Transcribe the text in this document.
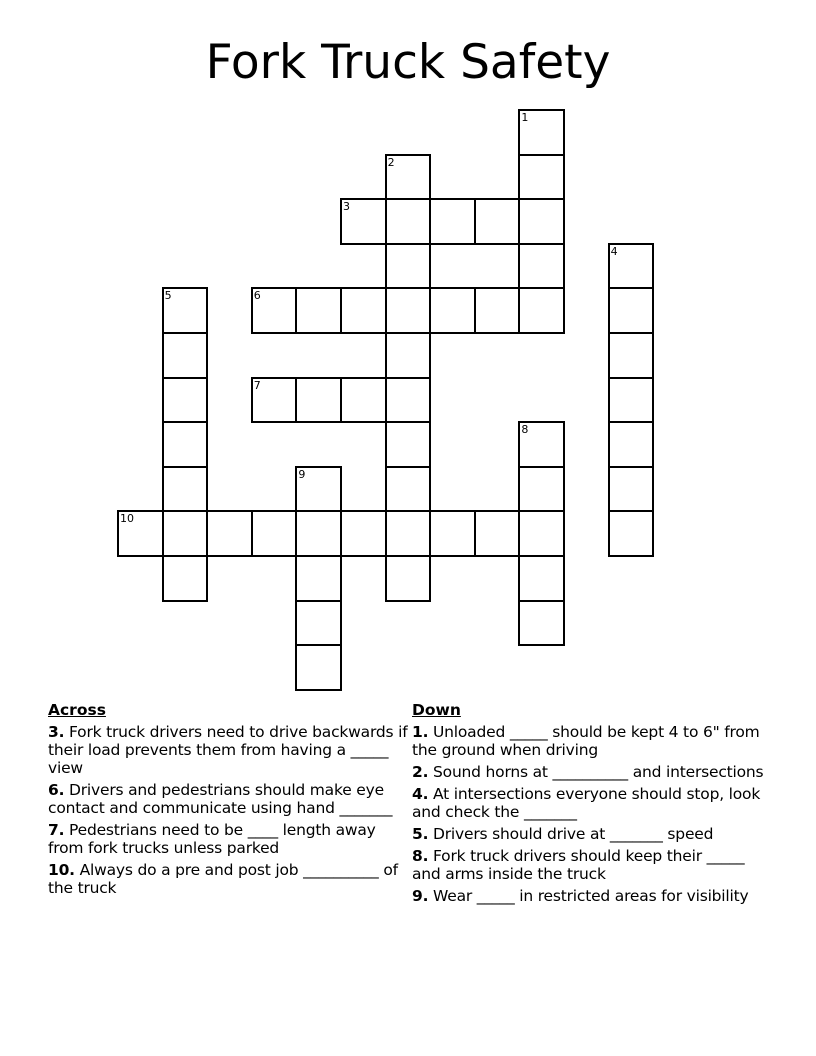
Fork Truck Safety
1
2
3
4
5	6
7
8
9
10
Across
3. Fork truck drivers need to drive backwards if their load prevents them from having a _____ view
6. Drivers and pedestrians should make eye contact and communicate using hand _______
7. Pedestrians need to be ____ length away from fork trucks unless parked
10. Always do a pre and post job __________ of the truck
Down
1. Unloaded _____ should be kept 4 to 6" from the ground when driving
2. Sound horns at __________ and intersections
4. At intersections everyone should stop, look and check the _______
5. Drivers should drive at _______ speed
8. Fork truck drivers should keep their _____ and arms inside the truck
9. Wear _____ in restricted areas for visibility
